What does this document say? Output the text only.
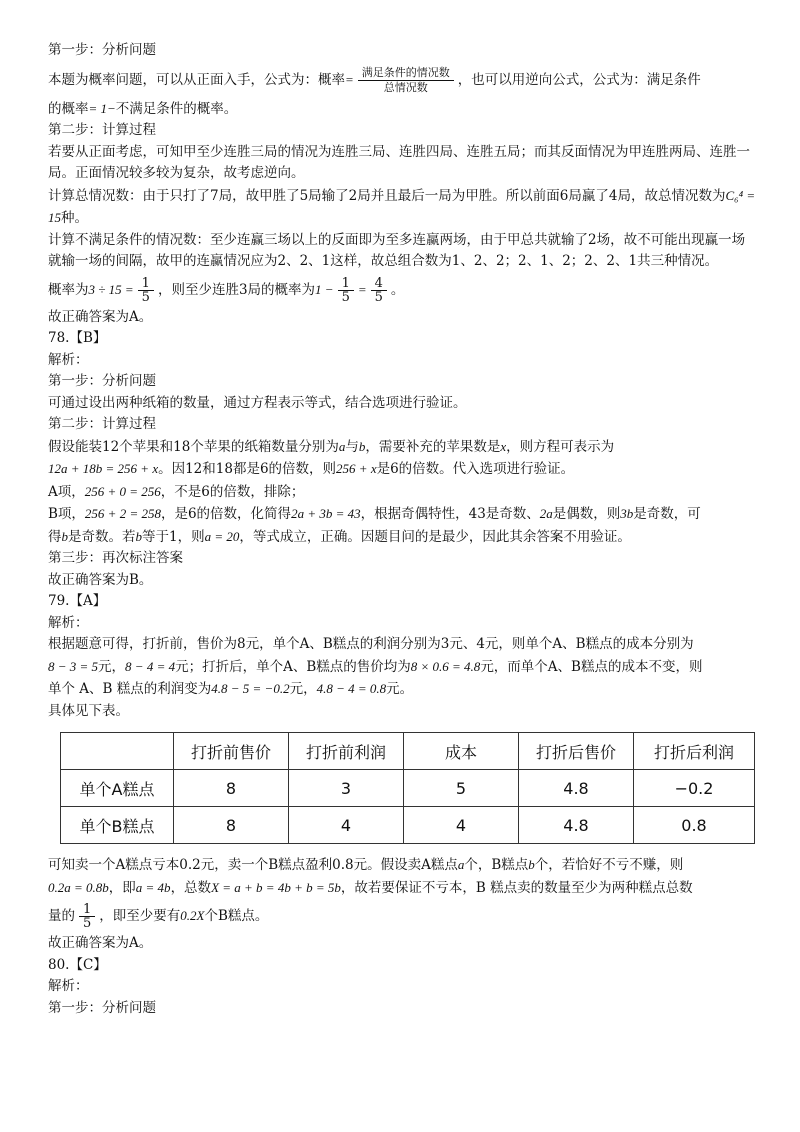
第一步：分析问题
本题为概率问题，可以从正面入手，公式为：概率= $\frac{\text{满足条件的情况数}}{\text{总情况数}}$ ，也可以用逆向公式，公式为：满足条件
的概率= 1−不满足条件的概率。
第二步：计算过程
若要从正面考虑，可知甲至少连胜三局的情况为连胜三局、连胜四局、连胜五局；而其反面情况为甲连胜两局、连胜一局。正面情况较多较为复杂，故考虑逆向。
计算总情况数：由于只打了7局，故甲胜了5局输了2局并且最后一局为甲胜。所以前面6局赢了4局，故总情况数为C₆⁴ = 15种。
计算不满足条件的情况数：至少连赢三场以上的反面即为至多连赢两场，由于甲总共就输了2场，故不可能出现赢一场就输一场的间隔，故甲的连赢情况应为2、2、1这样，故总组合数为1、2、2；2、1、2；2、2、1共三种情况。
概率为$3 \div 15 = \frac{1}{5}$ ，则至少连胜3局的概率为$1 - \frac{1}{5} = \frac{4}{5}$ 。
故正确答案为A。
78.【B】
解析：
第一步：分析问题
可通过设出两种纸箱的数量，通过方程表示等式，结合选项进行验证。
第二步：计算过程
假设能装12个苹果和18个苹果的纸箱数量分别为a与b，需要补充的苹果数是x，则方程可表示为
12a + 18b = 256 + x。因12和18都是6的倍数，则256 + x是6的倍数。代入选项进行验证。
A项，256 + 0 = 256，不是6的倍数，排除；
B项，256 + 2 = 258，是6的倍数，化简得2a + 3b = 43，根据奇偶特性，43是奇数、2a是偶数，则3b是奇数，可
得b是奇数。若b等于1，则a = 20，等式成立，正确。因题目问的是最少，因此其余答案不用验证。
第三步：再次标注答案
故正确答案为B。
79.【A】
解析：
根据题意可得，打折前，售价为8元，单个A、B糕点的利润分别为3元、4元，则单个A、B糕点的成本分别为
8 − 3 = 5元，8 − 4 = 4元；打折后，单个A、B糕点的售价均为8 × 0.6 = 4.8元，而单个A、B糕点的成本不变，则
单个 A、B 糕点的利润变为4.8 − 5 = −0.2元，4.8 − 4 = 0.8元。
具体见下表。
	打折前售价	打折前利润	成本	打折后售价	打折后利润
单个A糕点	8	3	5	4.8	−0.2
单个B糕点	8	4	4	4.8	0.8
可知卖一个A糕点亏本0.2元，卖一个B糕点盈利0.8元。假设卖A糕点a个，B糕点b个，若恰好不亏不赚，则
0.2a = 0.8b，即a = 4b，总数X = a + b = 4b + b = 5b，故若要保证不亏本，B 糕点卖的数量至少为两种糕点总数
量的 $\frac{1}{5}$ ，即至少要有0.2X个B糕点。
故正确答案为A。
80.【C】
解析：
第一步：分析问题
